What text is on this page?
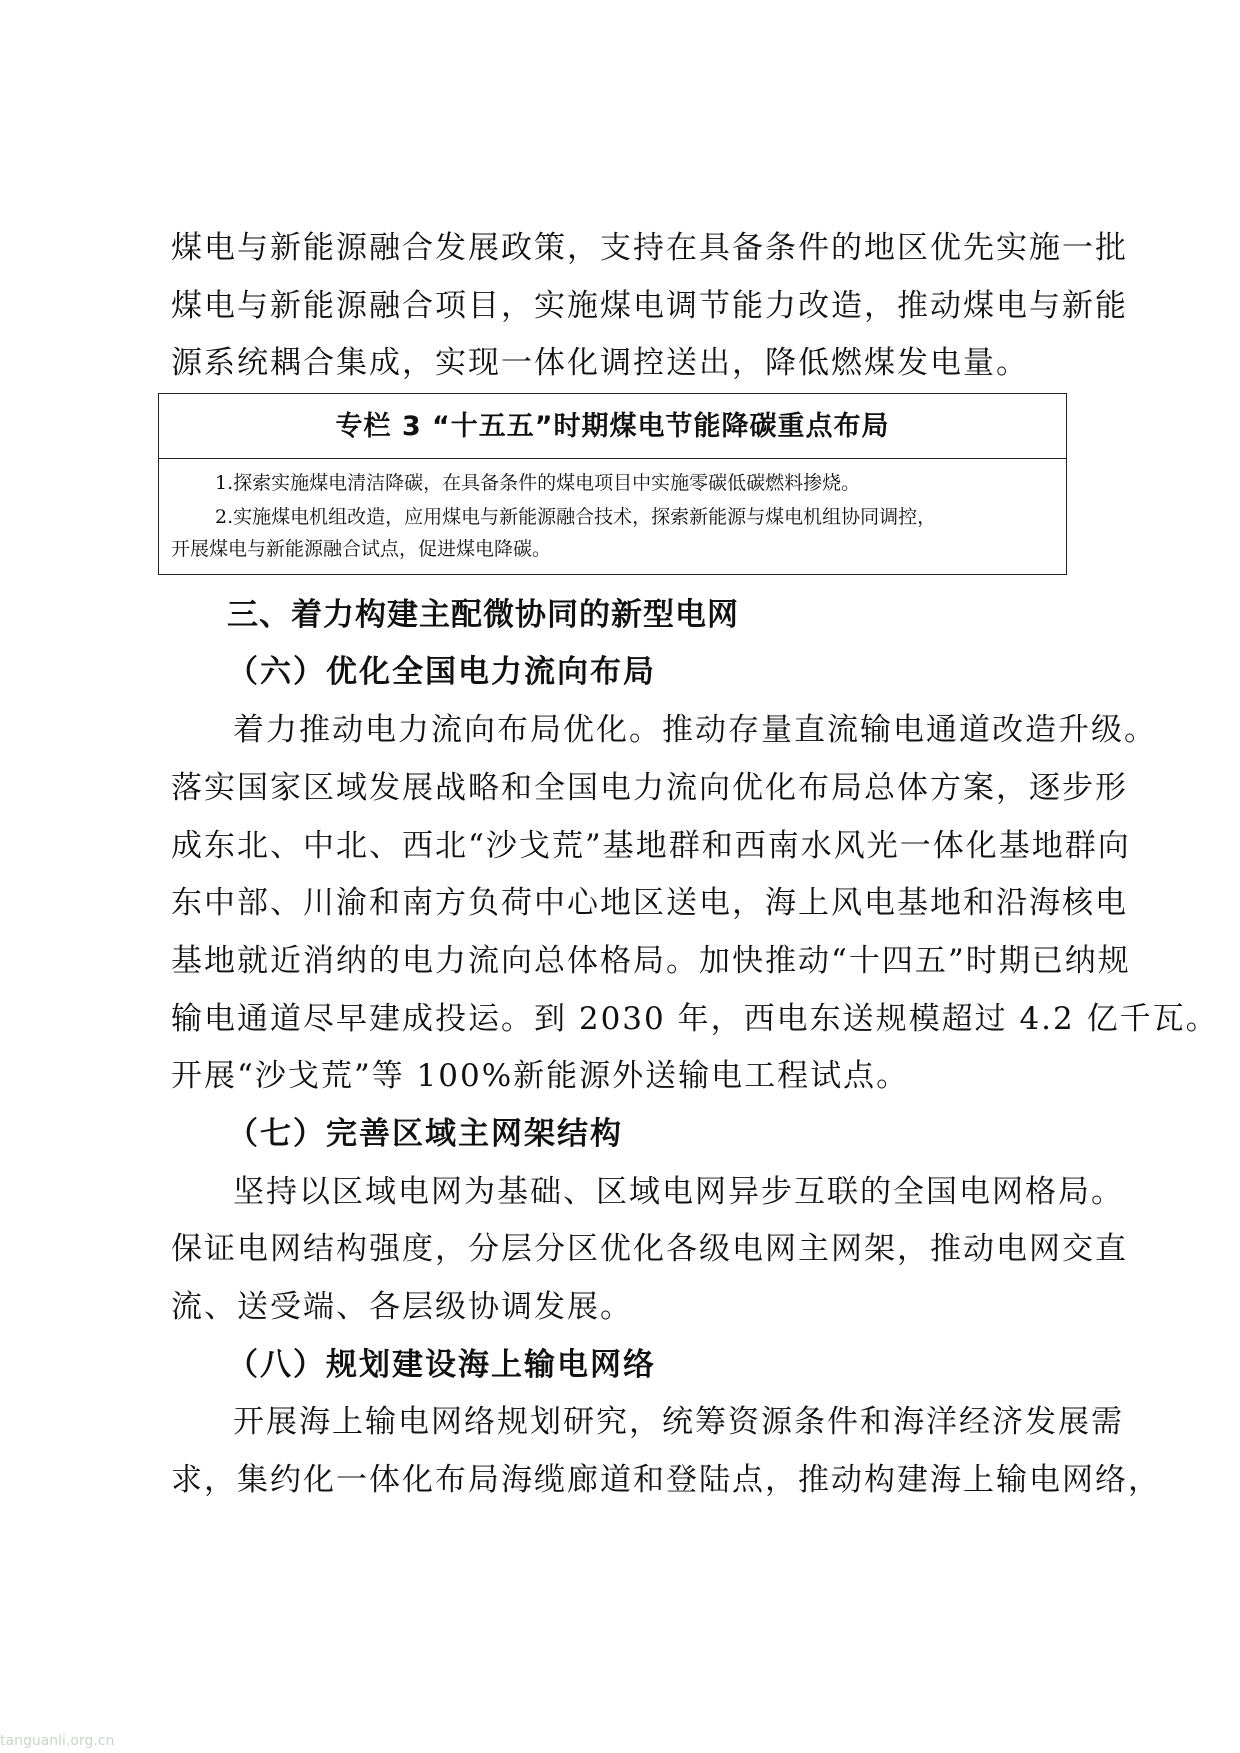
煤电与新能源融合发展政策，支持在具备条件的地区优先实施一批
煤电与新能源融合项目，实施煤电调节能力改造，推动煤电与新能
源系统耦合集成，实现一体化调控送出，降低燃煤发电量。
专栏 3 “十五五”时期煤电节能降碳重点布局
1.探索实施煤电清洁降碳，在具备条件的煤电项目中实施零碳低碳燃料掺烧。
2.实施煤电机组改造，应用煤电与新能源融合技术，探索新能源与煤电机组协同调控，
开展煤电与新能源融合试点，促进煤电降碳。
三、着力构建主配微协同的新型电网
（六）优化全国电力流向布局
着力推动电力流向布局优化。推动存量直流输电通道改造升级。
落实国家区域发展战略和全国电力流向优化布局总体方案，逐步形
成东北、中北、西北“沙戈荒”基地群和西南水风光一体化基地群向
东中部、川渝和南方负荷中心地区送电，海上风电基地和沿海核电
基地就近消纳的电力流向总体格局。加快推动“十四五”时期已纳规
输电通道尽早建成投运。到 2030 年，西电东送规模超过 4.2 亿千瓦。
开展“沙戈荒”等 100%新能源外送输电工程试点。
（七）完善区域主网架结构
坚持以区域电网为基础、区域电网异步互联的全国电网格局。
保证电网结构强度，分层分区优化各级电网主网架，推动电网交直
流、送受端、各层级协调发展。
（八）规划建设海上输电网络
开展海上输电网络规划研究，统筹资源条件和海洋经济发展需
求，集约化一体化布局海缆廊道和登陆点，推动构建海上输电网络，
tanguanli.org.cn
